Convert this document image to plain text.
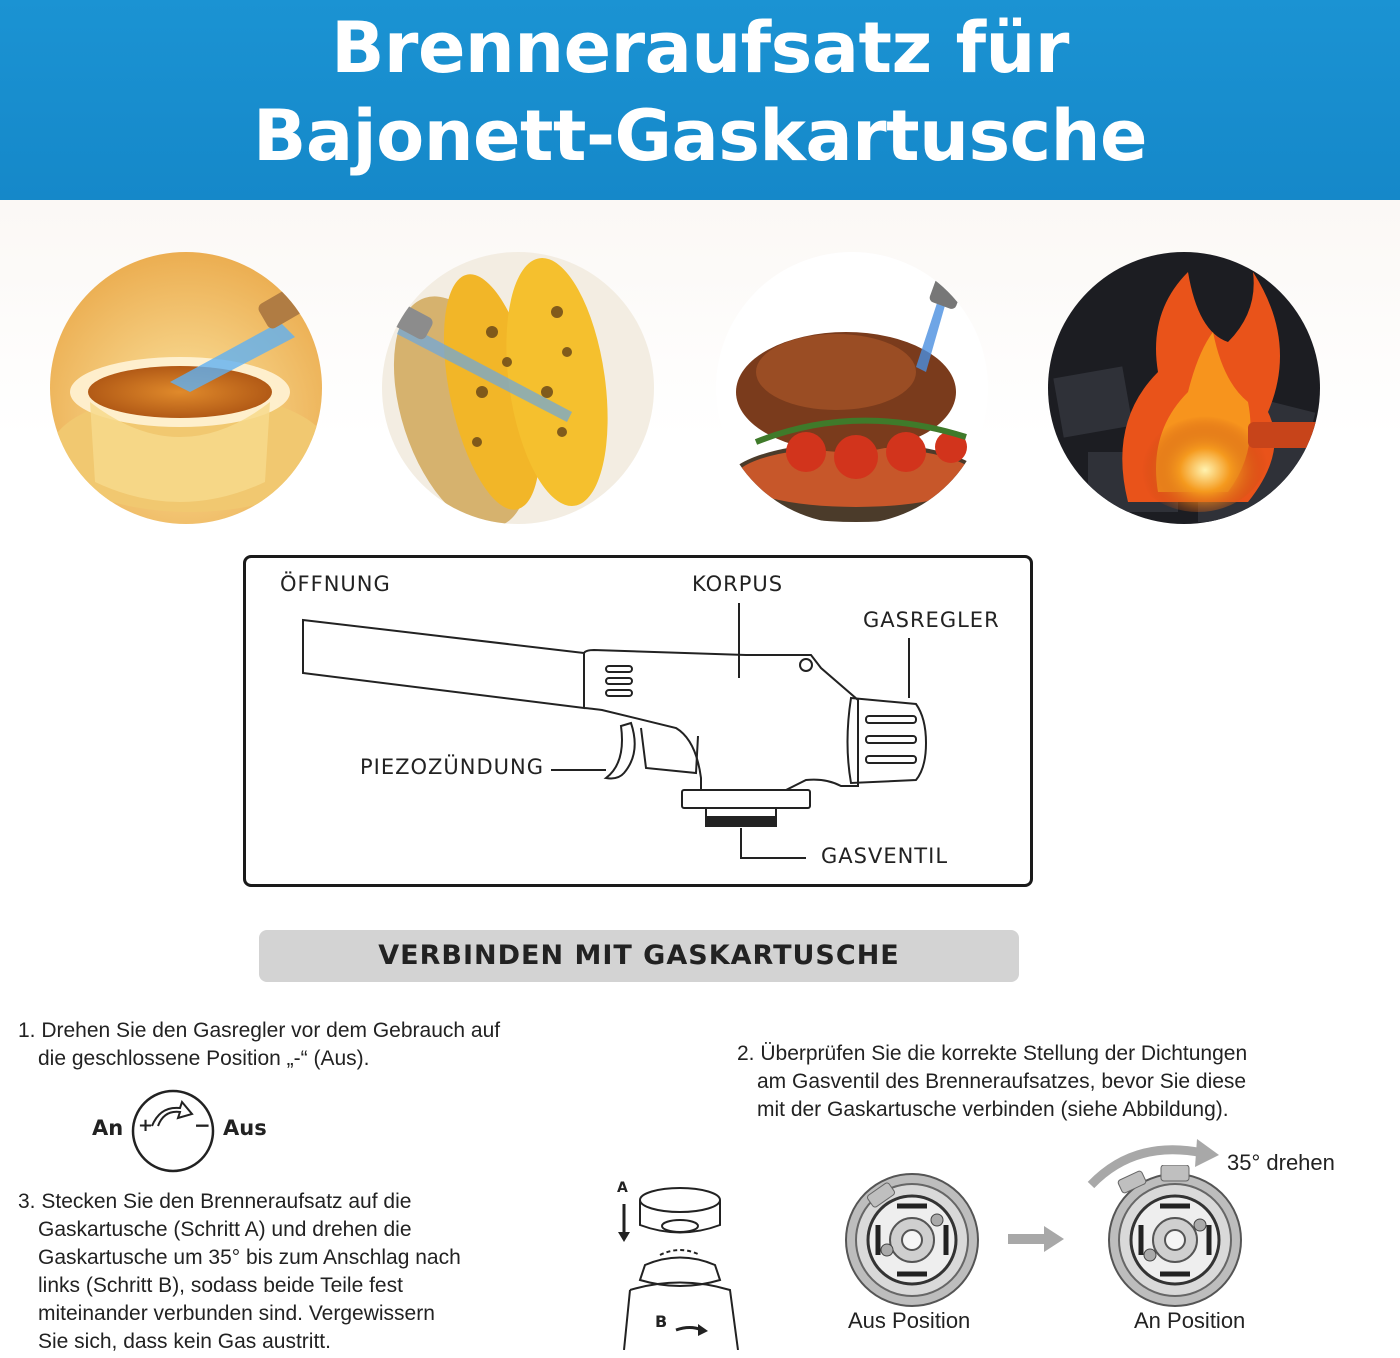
Brenneraufsatz für
Bajonett-Gaskartusche
ÖFFNUNG	KORPUS
GASREGLER
PIEZOZÜNDUNG
GASVENTIL
VERBINDEN MIT GASKARTUSCHE
1. Drehen Sie den Gasregler vor dem Gebrauch auf
die geschlossene Position „-“ (Aus).
An	Aus
+ −
2. Überprüfen Sie die korrekte Stellung der Dichtungen
am Gasventil des Brenneraufsatzes, bevor Sie diese
mit der Gaskartusche verbinden (siehe Abbildung).
3. Stecken Sie den Brenneraufsatz auf die
Gaskartusche (Schritt A) und drehen die
Gaskartusche um 35° bis zum Anschlag nach
links (Schritt B), sodass beide Teile fest
miteinander verbunden sind. Vergewissern
Sie sich, dass kein Gas austritt.
A
B
35° drehen
Aus Position	An Position
